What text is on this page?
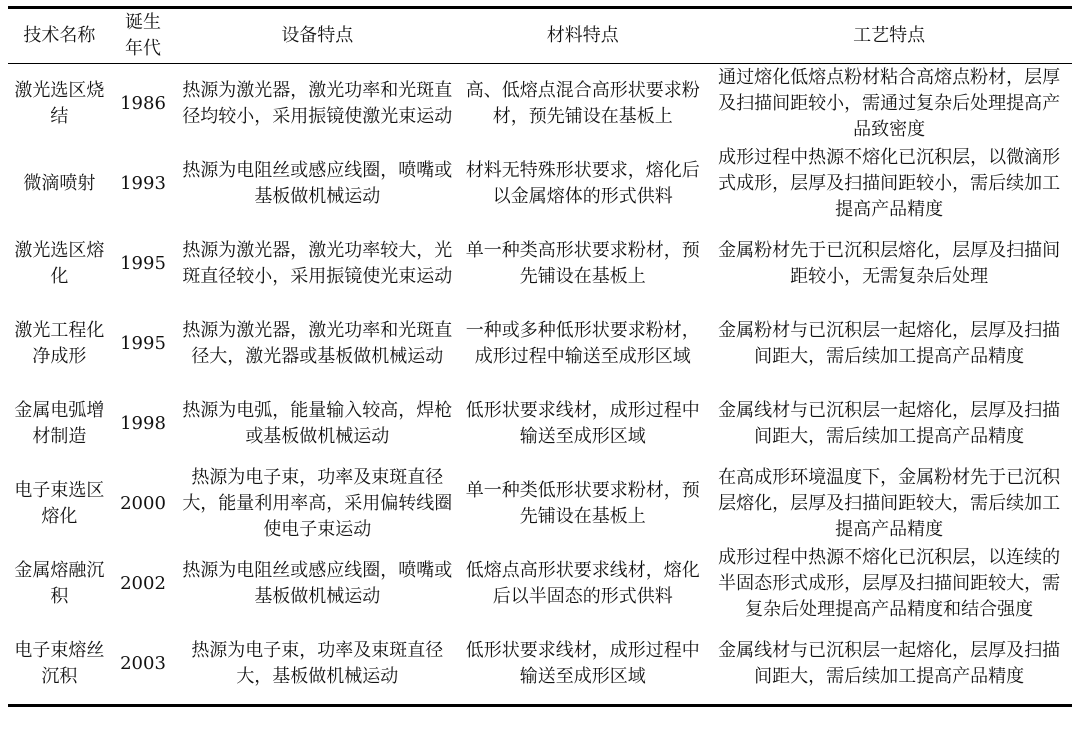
技术名称	诞生年代	设备特点	材料特点	工艺特点
激光选区烧结	1986	热源为激光器，激光功率和光斑直径均较小，采用振镜使激光束运动	高、低熔点混合高形状要求粉材，预先铺设在基板上	通过熔化低熔点粉材粘合高熔点粉材，层厚及扫描间距较小，需通过复杂后处理提高产品致密度
微滴喷射	1993	热源为电阻丝或感应线圈，喷嘴或基板做机械运动	材料无特殊形状要求，熔化后以金属熔体的形式供料	成形过程中热源不熔化已沉积层，以微滴形式成形，层厚及扫描间距较小，需后续加工提高产品精度
激光选区熔化	1995	热源为激光器，激光功率较大，光斑直径较小，采用振镜使光束运动	单一种类高形状要求粉材，预先铺设在基板上	金属粉材先于已沉积层熔化，层厚及扫描间距较小，无需复杂后处理
激光工程化净成形	1995	热源为激光器，激光功率和光斑直径大，激光器或基板做机械运动	一种或多种低形状要求粉材，成形过程中输送至成形区域	金属粉材与已沉积层一起熔化，层厚及扫描间距大，需后续加工提高产品精度
金属电弧增材制造	1998	热源为电弧，能量输入较高，焊枪或基板做机械运动	低形状要求线材，成形过程中输送至成形区域	金属线材与已沉积层一起熔化，层厚及扫描间距大，需后续加工提高产品精度
电子束选区熔化	2000	热源为电子束，功率及束斑直径大，能量利用率高，采用偏转线圈使电子束运动	单一种类低形状要求粉材，预先铺设在基板上	在高成形环境温度下，金属粉材先于已沉积层熔化，层厚及扫描间距较大，需后续加工提高产品精度
金属熔融沉积	2002	热源为电阻丝或感应线圈，喷嘴或基板做机械运动	低熔点高形状要求线材，熔化后以半固态的形式供料	成形过程中热源不熔化已沉积层，以连续的半固态形式成形，层厚及扫描间距较大，需复杂后处理提高产品精度和结合强度
电子束熔丝沉积	2003	热源为电子束，功率及束斑直径大，基板做机械运动	低形状要求线材，成形过程中输送至成形区域	金属线材与已沉积层一起熔化，层厚及扫描间距大，需后续加工提高产品精度
